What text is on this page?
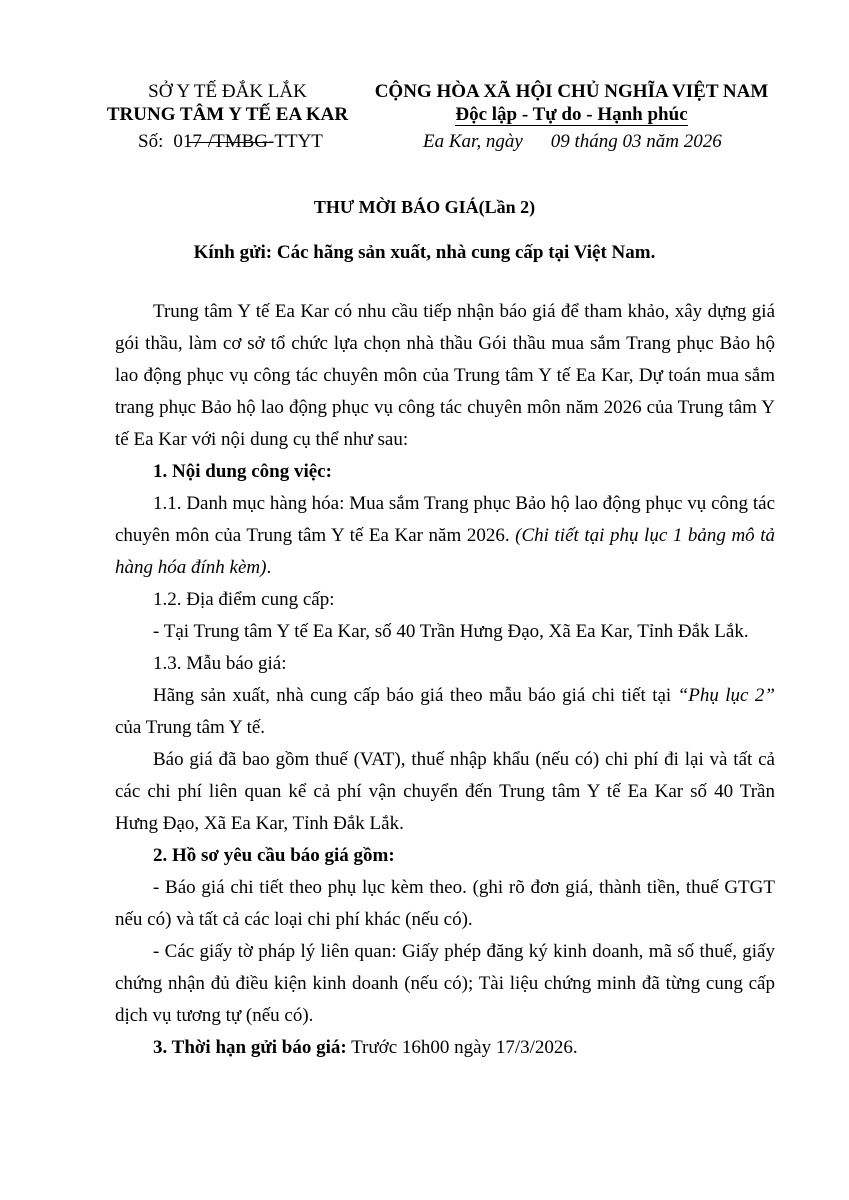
SỞ Y TẾ ĐẮK LẮK
TRUNG TÂM Y TẾ EA KAR
Số: 017 /TMBG-TTYT
CỘNG HÒA XÃ HỘI CHỦ NGHĨA VIỆT NAM
Độc lập - Tự do - Hạnh phúc
Ea Kar, ngày 09 tháng 03 năm 2026
THƯ MỜI BÁO GIÁ(Lần 2)
Kính gửi: Các hãng sản xuất, nhà cung cấp tại Việt Nam.

Trung tâm Y tế Ea Kar có nhu cầu tiếp nhận báo giá để tham khảo, xây dựng giá gói thầu, làm cơ sở tổ chức lựa chọn nhà thầu Gói thầu mua sắm Trang phục Bảo hộ lao động phục vụ công tác chuyên môn của Trung tâm Y tế Ea Kar, Dự toán mua sắm trang phục Bảo hộ lao động phục vụ công tác chuyên môn năm 2026 của Trung tâm Y tế Ea Kar với nội dung cụ thể như sau:

1. Nội dung công việc:

1.1. Danh mục hàng hóa: Mua sắm Trang phục Bảo hộ lao động phục vụ công tác chuyên môn của Trung tâm Y tế Ea Kar năm 2026. (Chi tiết tại phụ lục 1 bảng mô tả hàng hóa đính kèm).

1.2. Địa điểm cung cấp:

- Tại Trung tâm Y tế Ea Kar, số 40 Trần Hưng Đạo, Xã Ea Kar, Tỉnh Đắk Lắk.

1.3. Mẫu báo giá:

Hãng sản xuất, nhà cung cấp báo giá theo mẫu báo giá chi tiết tại “Phụ lục 2” của Trung tâm Y tế.

Báo giá đã bao gồm thuế (VAT), thuế nhập khẩu (nếu có) chi phí đi lại và tất cả các chi phí liên quan kể cả phí vận chuyển đến Trung tâm Y tế Ea Kar số 40 Trần Hưng Đạo, Xã Ea Kar, Tỉnh Đắk Lắk.

2. Hồ sơ yêu cầu báo giá gồm:

- Báo giá chi tiết theo phụ lục kèm theo. (ghi rõ đơn giá, thành tiền, thuế GTGT nếu có) và tất cả các loại chi phí khác (nếu có).

- Các giấy tờ pháp lý liên quan: Giấy phép đăng ký kinh doanh, mã số thuế, giấy chứng nhận đủ điều kiện kinh doanh (nếu có); Tài liệu chứng minh đã từng cung cấp dịch vụ tương tự (nếu có).

3. Thời hạn gửi báo giá: Trước 16h00 ngày 17/3/2026.
